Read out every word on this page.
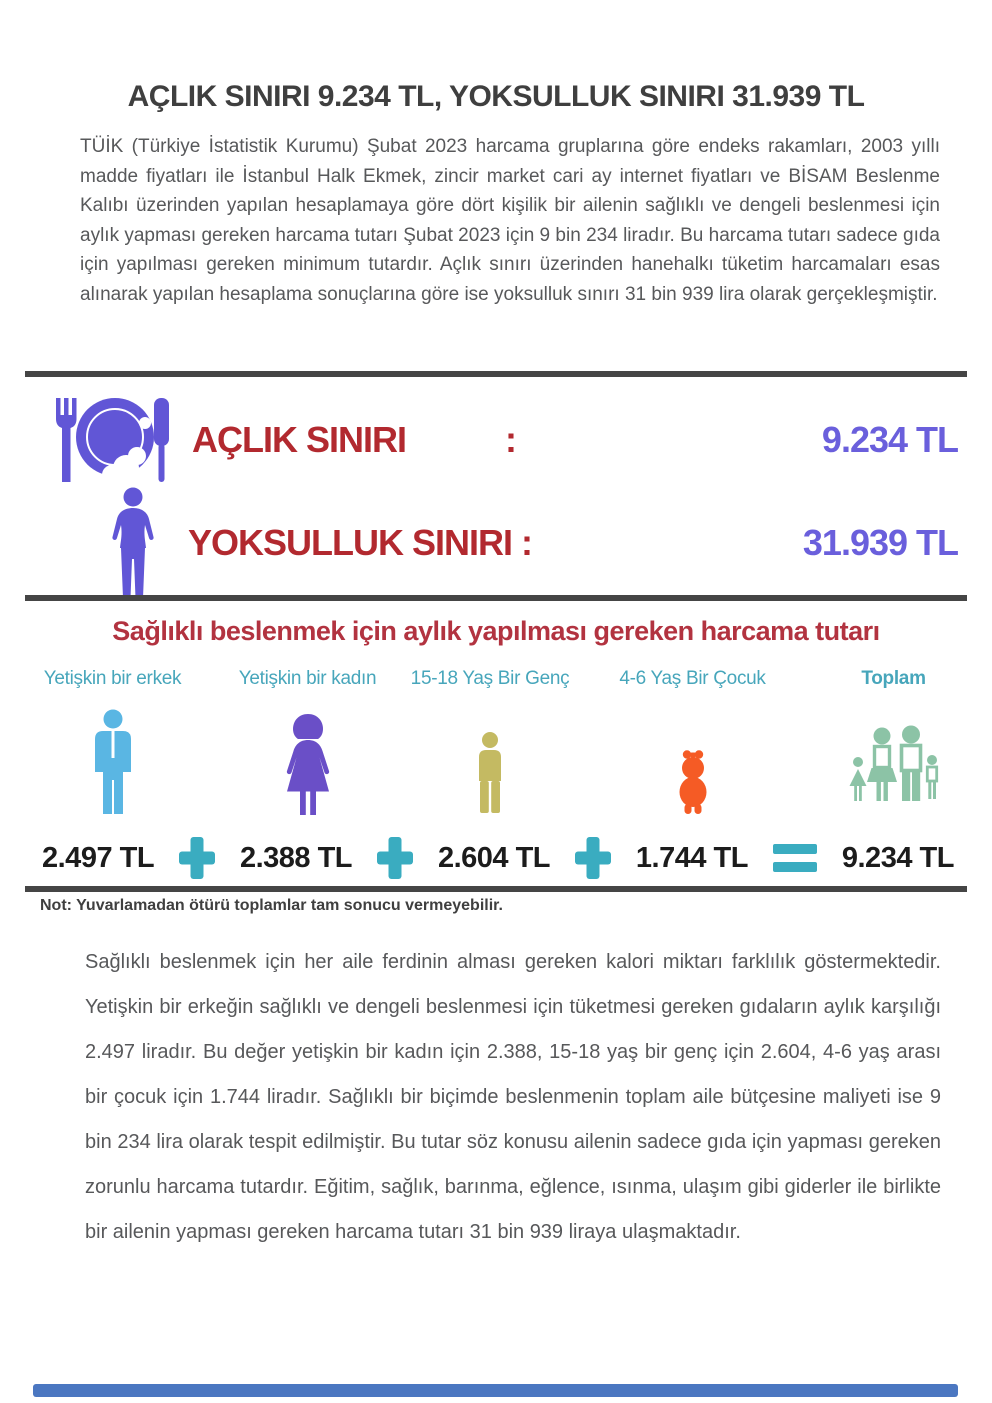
AÇLIK SINIRI 9.234 TL, YOKSULLUK SINIRI 31.939 TL

TÜİK (Türkiye İstatistik Kurumu) Şubat 2023 harcama gruplarına göre endeks rakamları, 2003 yıllı madde fiyatları ile İstanbul Halk Ekmek, zincir market cari ay internet fiyatları ve BİSAM Beslenme Kalıbı üzerinden yapılan hesaplamaya göre dört kişilik bir ailenin sağlıklı ve dengeli beslenmesi için aylık yapması gereken harcama tutarı Şubat 2023 için 9 bin 234 liradır. Bu harcama tutarı sadece gıda için yapılması gereken minimum tutardır. Açlık sınırı üzerinden hanehalkı tüketim harcamaları esas alınarak yapılan hesaplama sonuçlarına göre ise yoksulluk sınırı 31 bin 939 lira olarak gerçekleşmiştir.

AÇLIK SINIRI	:	9.234 TL
YOKSULLUK SINIRI :	31.939 TL
Sağlıklı beslenmek için aylık yapılması gereken harcama tutarı
Yetişkin bir erkek	Yetişkin bir kadın	15-18 Yaş Bir Genç	4-6 Yaş Bir Çocuk	Toplam
2.497 TL	2.388 TL	2.604 TL	1.744 TL	9.234 TL

Not: Yuvarlamadan ötürü toplamlar tam sonucu vermeyebilir.

Sağlıklı beslenmek için her aile ferdinin alması gereken kalori miktarı farklılık göstermektedir. Yetişkin bir erkeğin sağlıklı ve dengeli beslenmesi için tüketmesi gereken gıdaların aylık karşılığı 2.497 liradır. Bu değer yetişkin bir kadın için 2.388, 15-18 yaş bir genç için 2.604, 4-6 yaş arası bir çocuk için 1.744 liradır. Sağlıklı bir biçimde beslenmenin toplam aile bütçesine maliyeti ise 9 bin 234 lira olarak tespit edilmiştir. Bu tutar söz konusu ailenin sadece gıda için yapması gereken zorunlu harcama tutardır. Eğitim, sağlık, barınma, eğlence, ısınma, ulaşım gibi giderler ile birlikte bir ailenin yapması gereken harcama tutarı 31 bin 939 liraya ulaşmaktadır.
